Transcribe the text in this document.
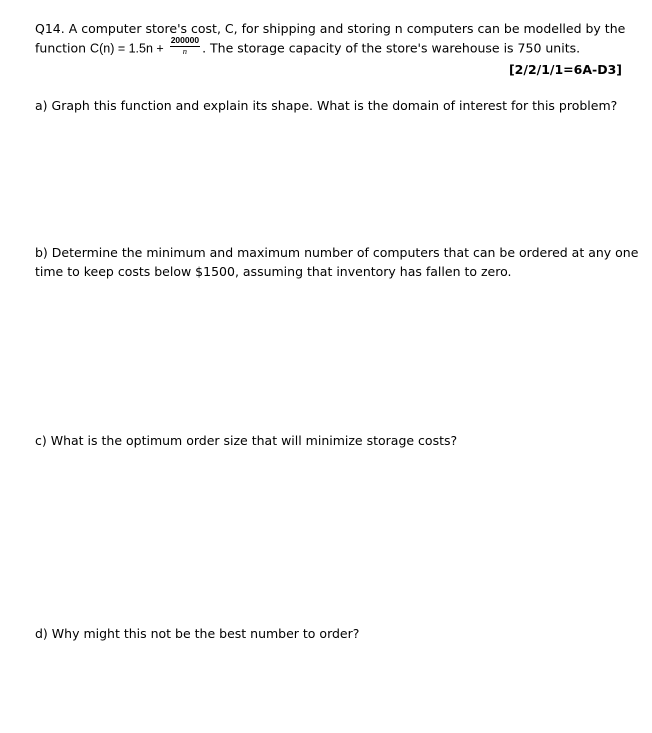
Q14. A computer store's cost, C, for shipping and storing n computers can be modelled by the
function $C(n) = 1.5n + \frac{200000}{n}$ . The storage capacity of the store's warehouse is 750 units.
[2/2/1/1=6A-D3]
a) Graph this function and explain its shape. What is the domain of interest for this problem?
b) Determine the minimum and maximum number of computers that can be ordered at any one
time to keep costs below $1500, assuming that inventory has fallen to zero.
c) What is the optimum order size that will minimize storage costs?
d) Why might this not be the best number to order?
